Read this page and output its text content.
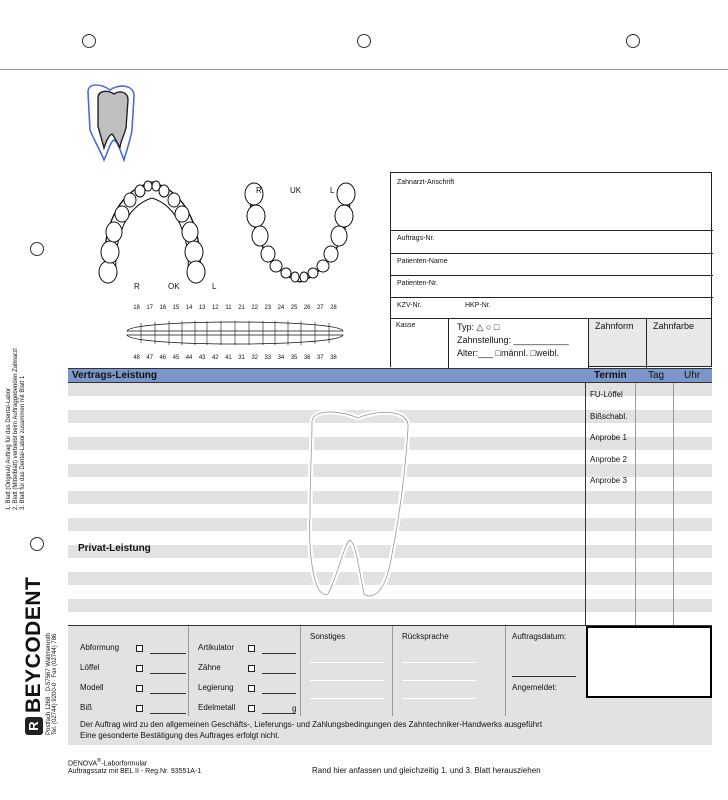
R	UK	L
R	OK	L
18	17	16	15	14	13	12	11	21	22	23	24	25	26	27	28
48	47	46	45	44	43	42	41	31	32	33	34	35	36	37	38
Zahnarzt-Anschrift
Auftrags-Nr.
Patienten-Name
Patienten-Nr.
KZV-Nr.	HKP-Nr.
Kasse	Typ: △ ○ □
Zahnstellung: ___________
Alter:___ □männl. □weibl.
Zahnform	Zahnfarbe
Vertrags-Leistung	Termin Tag Uhr
FU-Löffel
Bißschabl.
Anprobe 1
Anprobe 2
Anprobe 3
Privat-Leistung
Abformung
Löffel
Modell
Biß
Artikulator
Zähne
Legierung
Edelmetall	g
Sonstiges	Rücksprache	Auftragsdatum:
Angemeldet:
Der Auftrag wird zu den allgemeinen Geschäfts-, Lieferungs- und Zahlungsbedingungen des Zahntechniker-Handwerks ausgeführt
Eine gesonderte Bestätigung des Auftrages erfolgt nicht.
1. Blatt (Original) Auftrag für das Dental-Labor 2. Blatt (Mittelblatt) verbleibt beim Auftraggebenden Zahnarzt 3. Blatt für das Dental-Labor zusammen mit Blatt 1
R
BEYCODENT Postfach 1268 · D-57567 Wallmenroth Tel. (02744) 9200-0 · Fax (02744) 786
DENOVA®-Laborformular
Auftragssatz mit BEL II - Reg.Nr. 93551A-1	Rand hier anfassen und gleichzeitig 1. und 3. Blatt herausziehen
